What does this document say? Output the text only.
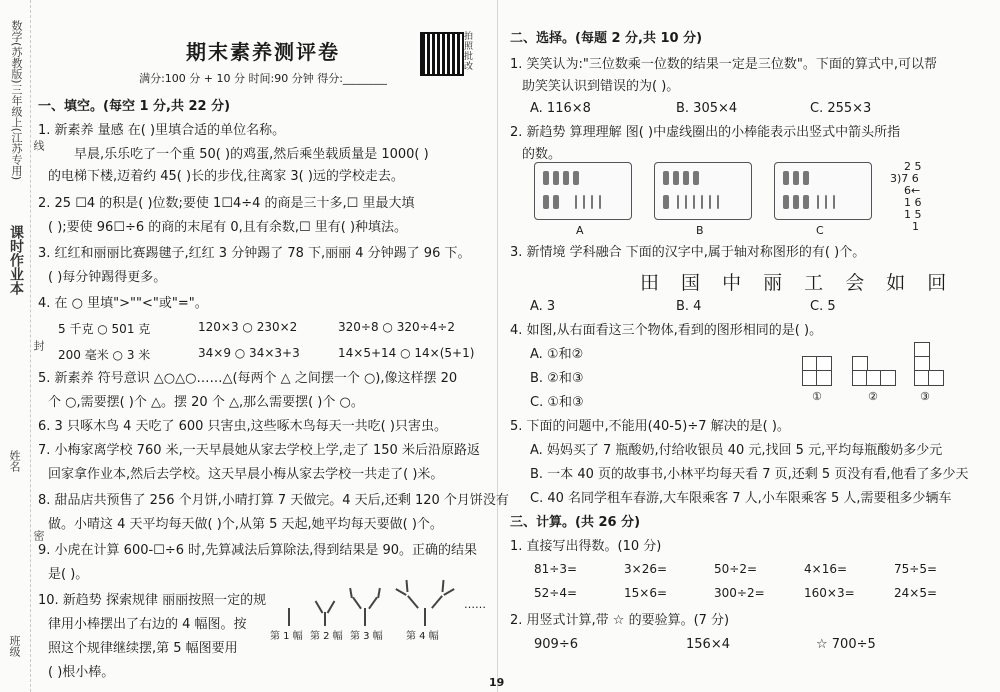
课时作业本
数学(苏教版)三年级上(江苏专用) 线
封
密
姓名
班级
期末素养测评卷
拍照批改
满分:100 分 + 10 分 时间:90 分钟 得分:________
一、填空。(每空 1 分,共 22 分)
1. 新素养 量感 在( )里填合适的单位名称。
早晨,乐乐吃了一个重 50( )的鸡蛋,然后乘坐载质量是 1000( )
的电梯下楼,迈着约 45( )长的步伐,往离家 3( )远的学校走去。
2. 25 ☐4 的积是( )位数;要使 1☐4÷4 的商是三十多,☐ 里最大填
( );要使 96☐÷6 的商的末尾有 0,且有余数,☐ 里有( )种填法。
3. 红红和丽丽比赛踢毽子,红红 3 分钟踢了 78 下,丽丽 4 分钟踢了 96 下。
( )每分钟踢得更多。
4. 在 ○ 里填">""<"或"="。
5 千克 ○ 501 克	120×3 ○ 230×2	320÷8 ○ 320÷4÷2
200 毫米 ○ 3 米	34×9 ○ 34×3+3	14×5+14 ○ 14×(5+1)
5. 新素养 符号意识 △○△○……△(每两个 △ 之间摆一个 ○),像这样摆 20
个 ○,需要摆( )个 △。摆 20 个 △,那么需要摆( )个 ○。
6. 3 只啄木鸟 4 天吃了 600 只害虫,这些啄木鸟每天一共吃( )只害虫。
7. 小梅家离学校 760 米,一天早晨她从家去学校上学,走了 150 米后沿原路返
回家拿作业本,然后去学校。这天早晨小梅从家去学校一共走了( )米。
8. 甜品店共预售了 256 个月饼,小晴打算 7 天做完。4 天后,还剩 120 个月饼没有
做。小晴这 4 天平均每天做( )个,从第 5 天起,她平均每天要做( )个。
9. 小虎在计算 600-☐÷6 时,先算减法后算除法,得到结果是 90。正确的结果
是( )。
10. 新趋势 探索规律 丽丽按照一定的规
律用小棒摆出了右边的 4 幅图。按
照这个规律继续摆,第 5 幅图要用
( )根小棒。
第 1 幅 第 2 幅 第 3 幅 第 4 幅
……
二、选择。(每题 2 分,共 10 分)
1. 笑笑认为:"三位数乘一位数的结果一定是三位数"。下面的算式中,可以帮
助笑笑认识到错误的为( )。
A. 116×8	B. 305×4	C. 255×3
2. 新趋势 算理理解 图( )中虚线圈出的小棒能表示出竖式中箭头所指
的数。
A	B	C
2 5
3)7 6
6←
1 6
1 5
1
3. 新情境 学科融合 下面的汉字中,属于轴对称图形的有( )个。
田 国 中 丽 工 会 如 回
A. 3	B. 4	C. 5
4. 如图,从右面看这三个物体,看到的图形相同的是( )。
A. ①和②
B. ②和③
C. ①和③	①	②	③
5. 下面的问题中,不能用(40-5)÷7 解决的是( )。
A. 妈妈买了 7 瓶酸奶,付给收银员 40 元,找回 5 元,平均每瓶酸奶多少元
B. 一本 40 页的故事书,小林平均每天看 7 页,还剩 5 页没有看,他看了多少天
C. 40 名同学租车春游,大车限乘客 7 人,小车限乘客 5 人,需要租多少辆车
三、计算。(共 26 分)
1. 直接写出得数。(10 分)
81÷3=	3×26=	50÷2=	4×16=	75÷5=
52÷4=	15×6=	300÷2=	160×3=	24×5=
2. 用竖式计算,带 ☆ 的要验算。(7 分)
909÷6	156×4	☆ 700÷5
19
